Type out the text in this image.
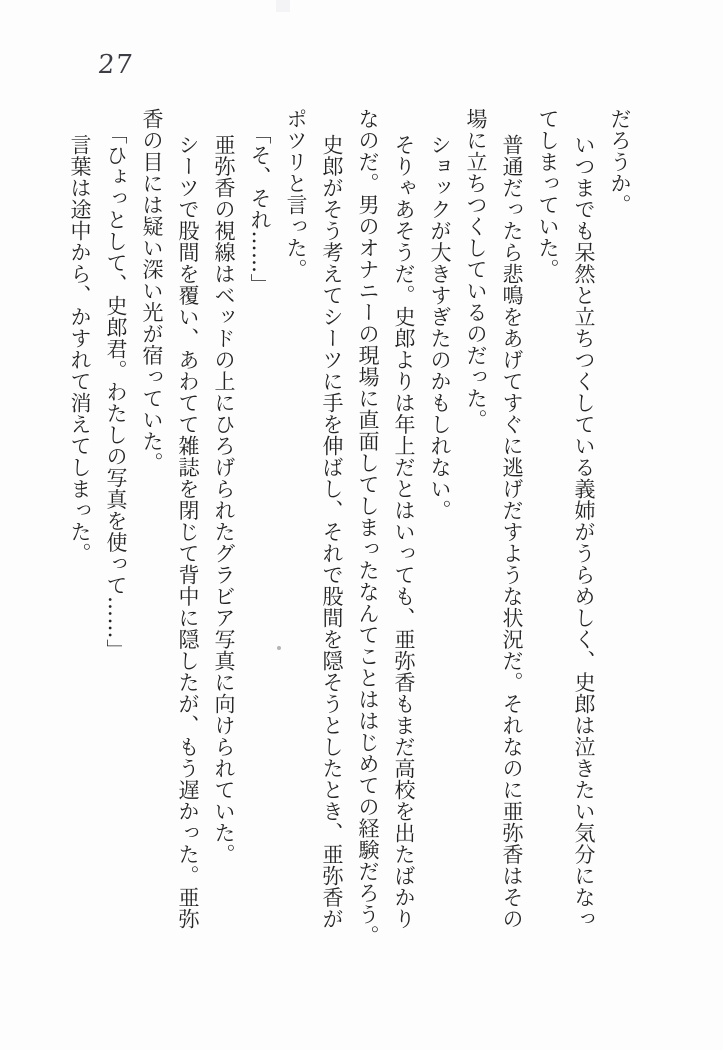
27
だろうか。
いつまでも呆然と立ちつくしている義姉がうらめしく、史郎は泣きたい気分になっ
てしまっていた。
普通だったら悲鳴をあげてすぐに逃げだすような状況だ。それなのに亜弥香はその
場に立ちつくしているのだった。
ショックが大きすぎたのかもしれない。
そりゃあそうだ。史郎よりは年上だとはいっても、亜弥香もまだ高校を出たばかり
なのだ。男のオナニーの現場に直面してしまったなんてことははじめての経験だろう。
史郎がそう考えてシーツに手を伸ばし、それで股間を隠そうとしたとき、亜弥香が
ポツリと言った。
「そ、それ……」
亜弥香の視線はベッドの上にひろげられたグラビア写真に向けられていた。
シーツで股間を覆い、あわてて雑誌を閉じて背中に隠したが、もう遅かった。亜弥
香の目には疑い深い光が宿っていた。
「ひょっとして、史郎君。わたしの写真を使って……」
言葉は途中から、かすれて消えてしまった。
